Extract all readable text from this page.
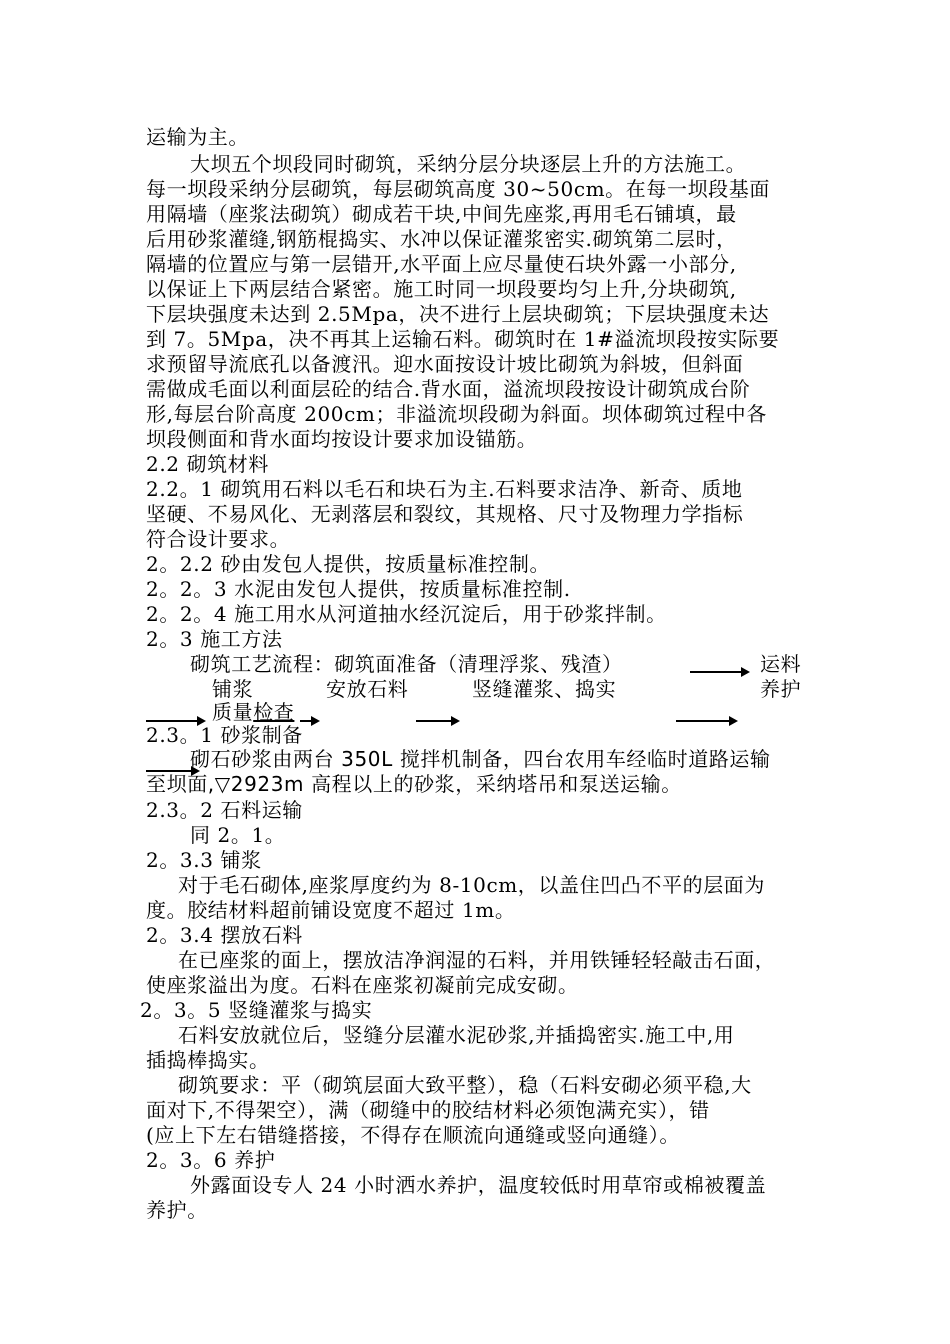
运输为主。
大坝五个坝段同时砌筑，采纳分层分块逐层上升的方法施工。
每一坝段采纳分层砌筑，每层砌筑高度 30~50cm。在每一坝段基面
用隔墙（座浆法砌筑）砌成若干块,中间先座浆,再用毛石铺填，最
后用砂浆灌缝,钢筋棍捣实、水冲以保证灌浆密实.砌筑第二层时，
隔墙的位置应与第一层错开,水平面上应尽量使石块外露一小部分,
以保证上下两层结合紧密。施工时同一坝段要均匀上升,分块砌筑,
下层块强度未达到 2.5Mpa，决不进行上层块砌筑；下层块强度未达
到 7。5Mpa，决不再其上运输石料。砌筑时在 1#溢流坝段按实际要
求预留导流底孔以备渡汛。迎水面按设计坡比砌筑为斜坡，但斜面
需做成毛面以利面层砼的结合.背水面，溢流坝段按设计砌筑成台阶
形,每层台阶高度 200cm；非溢流坝段砌为斜面。坝体砌筑过程中各
坝段侧面和背水面均按设计要求加设锚筋。
2.2 砌筑材料
2.2。1 砌筑用石料以毛石和块石为主.石料要求洁净、新奇、质地
坚硬、不易风化、无剥落层和裂纹，其规格、尺寸及物理力学指标
符合设计要求。
2。2.2 砂由发包人提供，按质量标准控制。
2。2。3 水泥由发包人提供，按质量标准控制.
2。2。4 施工用水从河道抽水经沉淀后，用于砂浆拌制。
2。3 施工方法
砌筑工艺流程：砌筑面准备（清理浮浆、残渣）	运料
铺浆	安放石料	竖缝灌浆、捣实	养护
质量检查
2.3。1 砂浆制备
砌石砂浆由两台 350L 搅拌机制备，四台农用车经临时道路运输
至坝面,▽2923m 高程以上的砂浆，采纳塔吊和泵送运输。
2.3。2 石料运输
同 2。1。
2。3.3 铺浆
对于毛石砌体,座浆厚度约为 8-10cm，以盖住凹凸不平的层面为
度。胶结材料超前铺设宽度不超过 1m。
2。3.4 摆放石料
在已座浆的面上，摆放洁净润湿的石料，并用铁锤轻轻敲击石面，
使座浆溢出为度。石料在座浆初凝前完成安砌。
2。3。5 竖缝灌浆与捣实
石料安放就位后，竖缝分层灌水泥砂浆,并插捣密实.施工中,用
插捣棒捣实。
砌筑要求：平（砌筑层面大致平整），稳（石料安砌必须平稳,大
面对下,不得架空），满（砌缝中的胶结材料必须饱满充实），错
(应上下左右错缝搭接，不得存在顺流向通缝或竖向通缝）。
2。3。6 养护
外露面设专人 24 小时洒水养护，温度较低时用草帘或棉被覆盖
养护。
